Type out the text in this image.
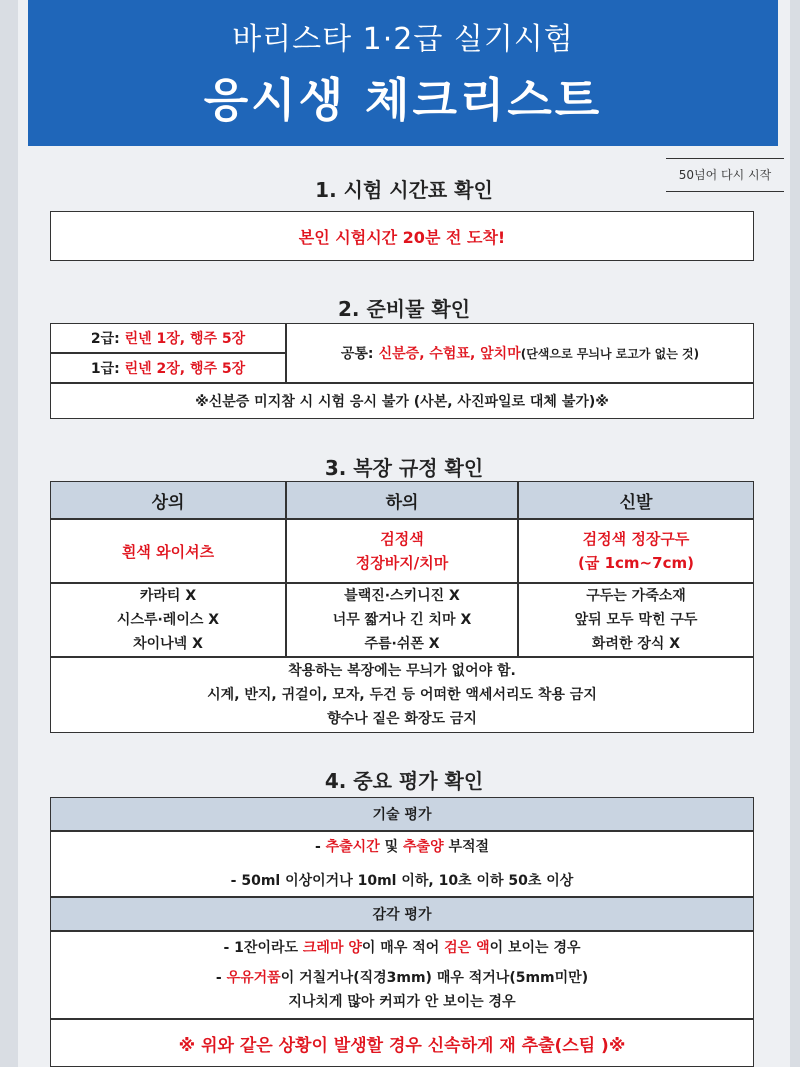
바리스타 1·2급 실기시험
응시생 체크리스트
50넘어 다시 시작
1. 시험 시간표 확인
본인 시험시간 20분 전 도착!
2. 준비물 확인
2급:
린넨 1장, 행주 5장
1급:
린넨 2장, 행주 5장
공통:
신분증, 수험표, 앞치마 (단색으로 무늬나 로고가 없는 것)
※신분증 미지참 시 시험 응시 불가 (사본, 사진파일로 대체 불가)※
3. 복장 규정 확인
상의	하의	신발
흰색 와이셔츠
검정색
정장바지/치마
검정색 정장구두
(굽 1cm~7cm)
카라티 X
시스루·레이스 X
차이나넥 X
블랙진·스키니진 X
너무 짧거나 긴 치마 X
주름·쉬폰 X
구두는 가죽소재
앞뒤 모두 막힌 구두
화려한 장식 X
착용하는 복장에는 무늬가 없어야 함.
시계, 반지, 귀걸이, 모자, 두건 등 어떠한 액세서리도 착용 금지
향수나 짙은 화장도 금지
4. 중요 평가 확인
기술 평가
- 추출시간 및 추출양 부적절
- 50ml 이상이거나 10ml 이하, 10초 이하 50초 이상
감각 평가
- 1잔이라도 크레마 양이 매우 적어 검은 액이 보이는 경우
- 우유거품이 거칠거나(직경3mm) 매우 적거나(5mm미만)
지나치게 많아 커피가 안 보이는 경우
※ 위와 같은 상황이 발생할 경우 신속하게 재 추출(스팀 )※
